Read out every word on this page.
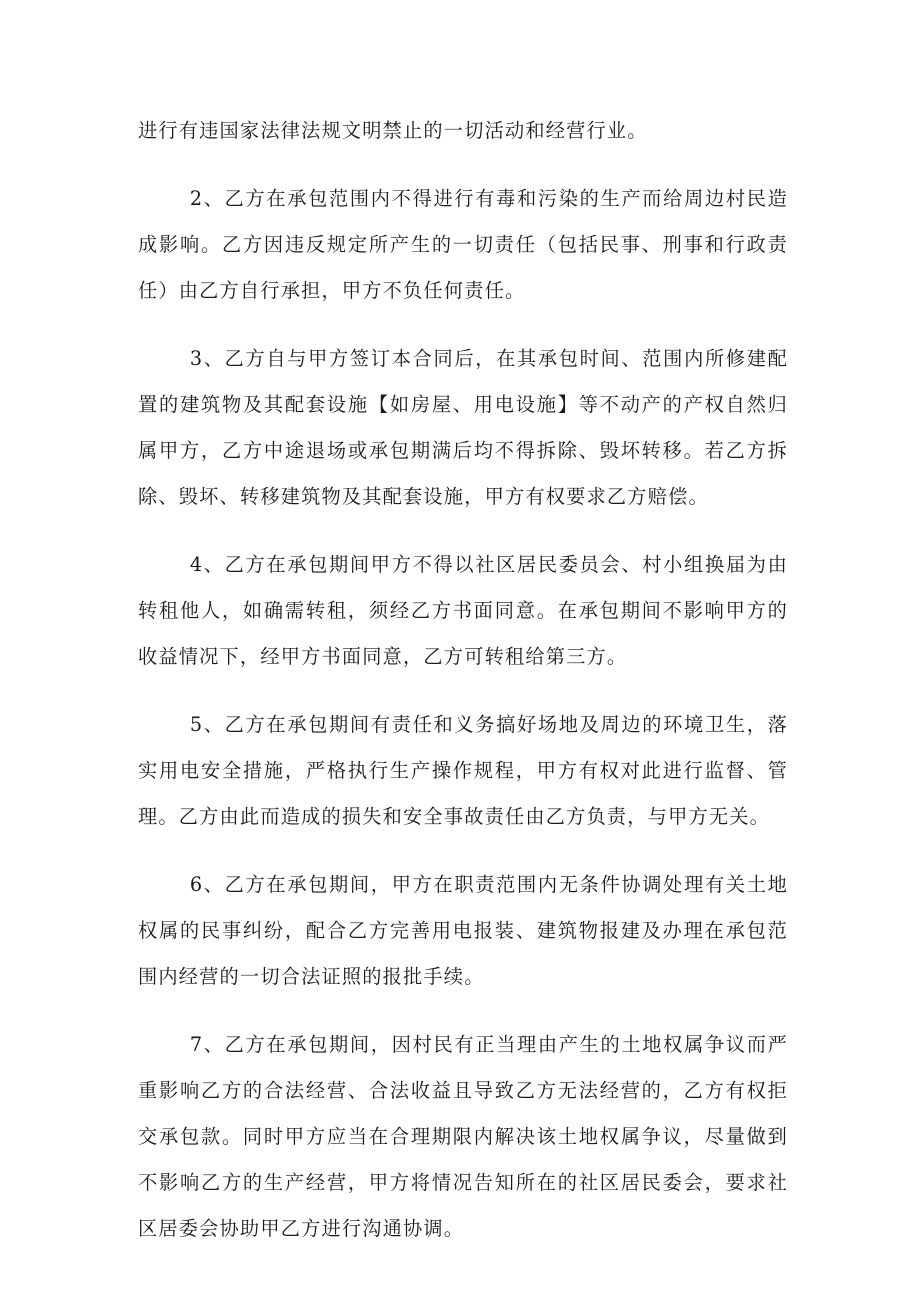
进行有违国家法律法规文明禁止的一切活动和经营行业。

2、乙方在承包范围内不得进行有毒和污染的生产而给周边村民造成影响。乙方因违反规定所产生的一切责任（包括民事、刑事和行政责任）由乙方自行承担，甲方不负任何责任。

3、乙方自与甲方签订本合同后，在其承包时间、范围内所修建配置的建筑物及其配套设施【如房屋、用电设施】等不动产的产权自然归属甲方，乙方中途退场或承包期满后均不得拆除、毁坏转移。若乙方拆除、毁坏、转移建筑物及其配套设施，甲方有权要求乙方赔偿。

4、乙方在承包期间甲方不得以社区居民委员会、村小组换届为由转租他人，如确需转租，须经乙方书面同意。在承包期间不影响甲方的收益情况下，经甲方书面同意，乙方可转租给第三方。

5、乙方在承包期间有责任和义务搞好场地及周边的环境卫生，落实用电安全措施，严格执行生产操作规程，甲方有权对此进行监督、管理。乙方由此而造成的损失和安全事故责任由乙方负责，与甲方无关。

6、乙方在承包期间，甲方在职责范围内无条件协调处理有关土地权属的民事纠纷，配合乙方完善用电报装、建筑物报建及办理在承包范围内经营的一切合法证照的报批手续。

7、乙方在承包期间，因村民有正当理由产生的土地权属争议而严重影响乙方的合法经营、合法收益且导致乙方无法经营的，乙方有权拒交承包款。同时甲方应当在合理期限内解决该土地权属争议，尽量做到不影响乙方的生产经营，甲方将情况告知所在的社区居民委会，要求社区居委会协助甲乙方进行沟通协调。
